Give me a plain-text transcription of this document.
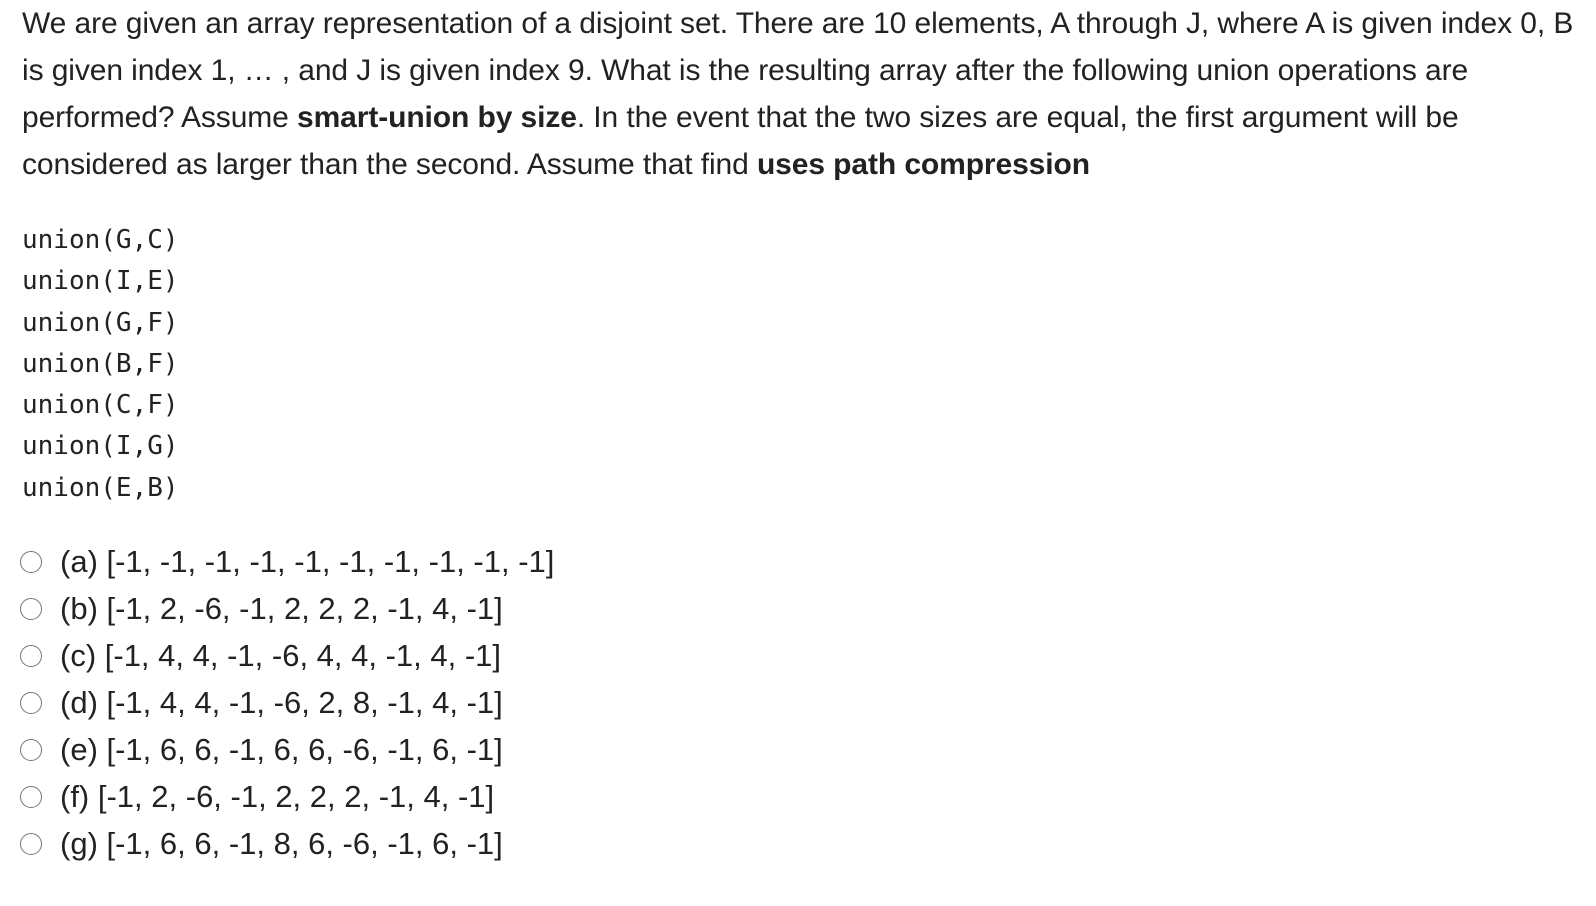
We are given an array representation of a disjoint set. There are 10 elements, A through J, where A is given index 0, B is given index 1, … , and J is given index 9. What is the resulting array after the following union operations are performed? Assume smart-union by size. In the event that the two sizes are equal, the first argument will be considered as larger than the second. Assume that find uses path compression

union(G,C)
union(I,E)
union(G,F)
union(B,F)
union(C,F)
union(I,G)
union(E,B)
(a) [-1, -1, -1, -1, -1, -1, -1, -1, -1, -1]
(b) [-1, 2, -6, -1, 2, 2, 2, -1, 4, -1]
(c) [-1, 4, 4, -1, -6, 4, 4, -1, 4, -1]
(d) [-1, 4, 4, -1, -6, 2, 8, -1, 4, -1]
(e) [-1, 6, 6, -1, 6, 6, -6, -1, 6, -1]
(f) [-1, 2, -6, -1, 2, 2, 2, -1, 4, -1]
(g) [-1, 6, 6, -1, 8, 6, -6, -1, 6, -1]
